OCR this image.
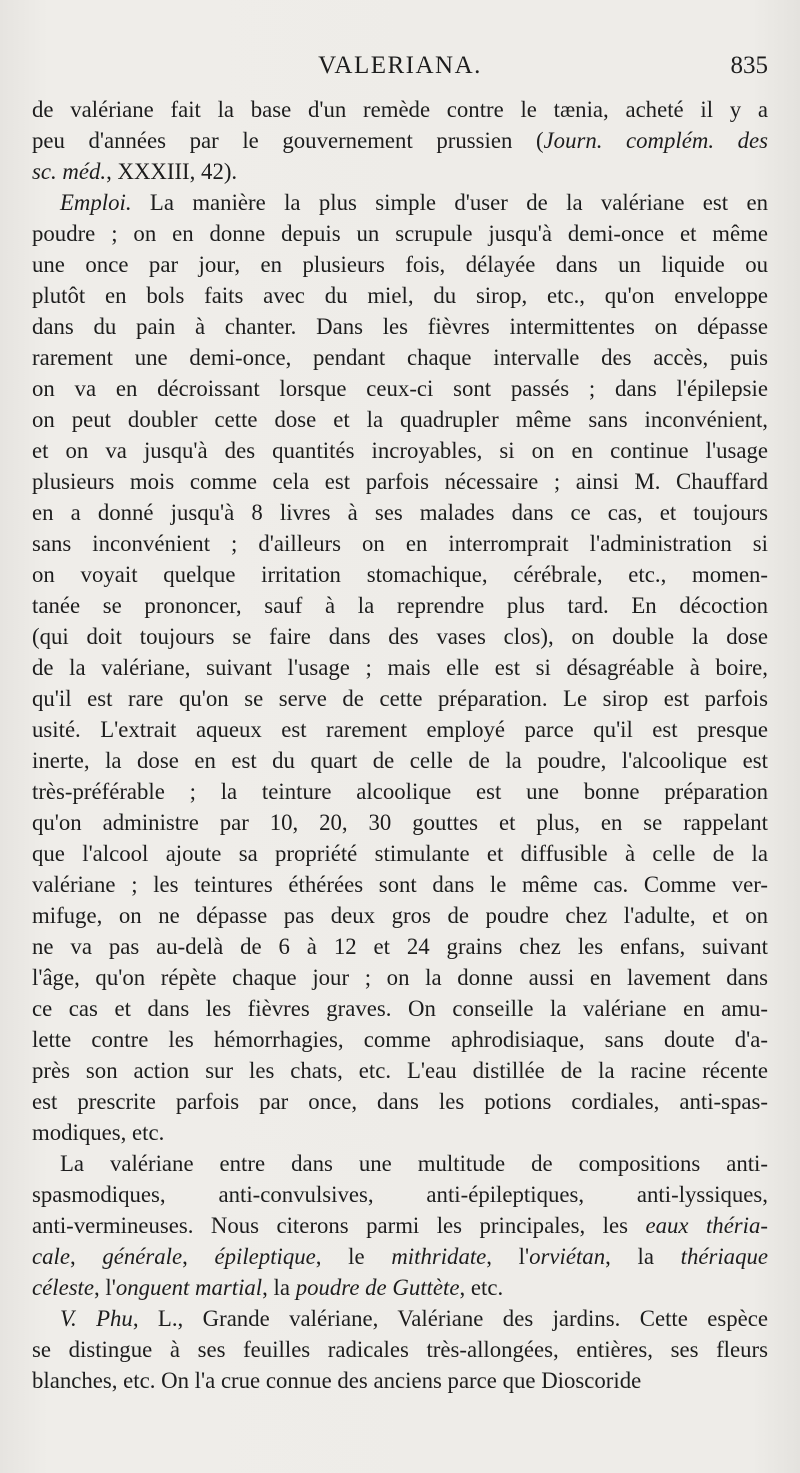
VALERIANA.	835

de valériane fait la base d'un remède contre le tænia, acheté il y a
peu d'années par le gouvernement prussien (Journ. complém. des
sc. méd., XXXIII, 42).

Emploi. La manière la plus simple d'user de la valériane est en
poudre ; on en donne depuis un scrupule jusqu'à demi-once et même
une once par jour, en plusieurs fois, délayée dans un liquide ou
plutôt en bols faits avec du miel, du sirop, etc., qu'on enveloppe
dans du pain à chanter. Dans les fièvres intermittentes on dépasse
rarement une demi-once, pendant chaque intervalle des accès, puis
on va en décroissant lorsque ceux-ci sont passés ; dans l'épilepsie
on peut doubler cette dose et la quadrupler même sans inconvénient,
et on va jusqu'à des quantités incroyables, si on en continue l'usage
plusieurs mois comme cela est parfois nécessaire ; ainsi M. Chauffard
en a donné jusqu'à 8 livres à ses malades dans ce cas, et toujours
sans inconvénient ; d'ailleurs on en interromprait l'administration si
on voyait quelque irritation stomachique, cérébrale, etc., momen-
tanée se prononcer, sauf à la reprendre plus tard. En décoction
(qui doit toujours se faire dans des vases clos), on double la dose
de la valériane, suivant l'usage ; mais elle est si désagréable à boire,
qu'il est rare qu'on se serve de cette préparation. Le sirop est parfois
usité. L'extrait aqueux est rarement employé parce qu'il est presque
inerte, la dose en est du quart de celle de la poudre, l'alcoolique est
très-préférable ; la teinture alcoolique est une bonne préparation
qu'on administre par 10, 20, 30 gouttes et plus, en se rappelant
que l'alcool ajoute sa propriété stimulante et diffusible à celle de la
valériane ; les teintures éthérées sont dans le même cas. Comme ver-
mifuge, on ne dépasse pas deux gros de poudre chez l'adulte, et on
ne va pas au-delà de 6 à 12 et 24 grains chez les enfans, suivant
l'âge, qu'on répète chaque jour ; on la donne aussi en lavement dans
ce cas et dans les fièvres graves. On conseille la valériane en amu-
lette contre les hémorrhagies, comme aphrodisiaque, sans doute d'a-
près son action sur les chats, etc. L'eau distillée de la racine récente
est prescrite parfois par once, dans les potions cordiales, anti-spas-
modiques, etc.

La valériane entre dans une multitude de compositions anti-
spasmodiques, anti-convulsives, anti-épileptiques, anti-lyssiques,
anti-vermineuses. Nous citerons parmi les principales, les eaux théria-
cale, générale, épileptique, le mithridate, l'orviétan, la thériaque
céleste, l'onguent martial, la poudre de Guttète, etc.

V. Phu, L., Grande valériane, Valériane des jardins. Cette espèce
se distingue à ses feuilles radicales très-allongées, entières, ses fleurs
blanches, etc. On l'a crue connue des anciens parce que Dioscoride
